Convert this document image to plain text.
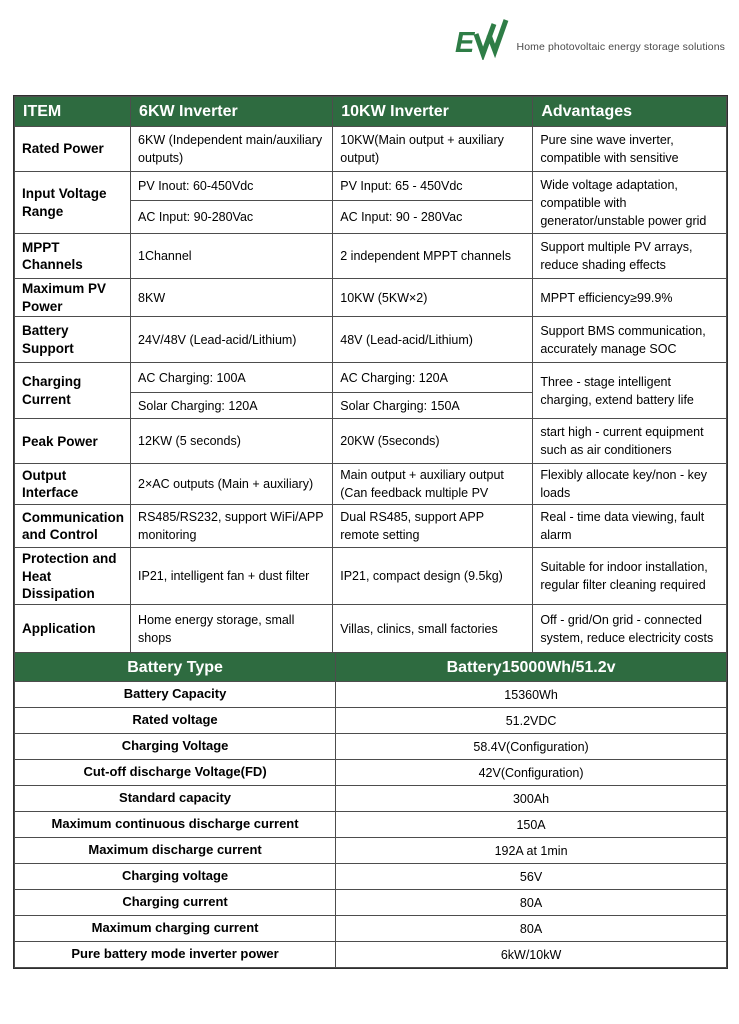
E	Home photovoltaic energy storage solutions
ITEM	6KW Inverter	10KW Inverter	Advantages
Rated Power	6KW (Independent main/auxiliary outputs)	10KW(Main output + auxiliary output)	Pure sine wave inverter, compatible with sensitive
Input Voltage Range	PV Inout: 60-450Vdc	PV Input: 65 - 450Vdc	Wide voltage adaptation, compatible with generator/unstable power grid
	AC Input: 90-280Vac	AC Input: 90 - 280Vac	
MPPT Channels	1Channel	2 independent MPPT channels	Support multiple PV arrays, reduce shading effects
Maximum PV Power	8KW	10KW (5KW×2)	MPPT efficiency≥99.9%
Battery Support	24V/48V (Lead-acid/Lithium)	48V (Lead-acid/Lithium)	Support BMS communication, accurately manage SOC
Charging Current	AC Charging: 100A	AC Charging: 120A	Three - stage intelligent charging, extend battery life
	Solar Charging: 120A	Solar Charging: 150A	
Peak Power	12KW (5 seconds)	20KW (5seconds)	start high - current equipment such as air conditioners
Output Interface	2×AC outputs (Main + auxiliary)	Main output + auxiliary output (Can feedback multiple PV	Flexibly allocate key/non - key loads
Communication and Control	RS485/RS232, support WiFi/APP monitoring	Dual RS485, support APP remote setting	Real - time data viewing, fault alarm
Protection and Heat Dissipation	IP21, intelligent fan + dust filter	IP21, compact design (9.5kg)	Suitable for indoor installation, regular filter cleaning required
Application	Home energy storage, small shops	Villas, clinics, small factories	Off - grid/On grid - connected system, reduce electricity costs
Battery Type	Battery15000Wh/51.2v
Battery Capacity	15360Wh
Rated voltage	51.2VDC
Charging Voltage	58.4V(Configuration)
Cut-off discharge Voltage(FD)	42V(Configuration)
Standard capacity	300Ah
Maximum continuous discharge current	150A
Maximum discharge current	192A at 1min
Charging voltage	56V
Charging current	80A
Maximum charging current	80A
Pure battery mode inverter power	6kW/10kW
